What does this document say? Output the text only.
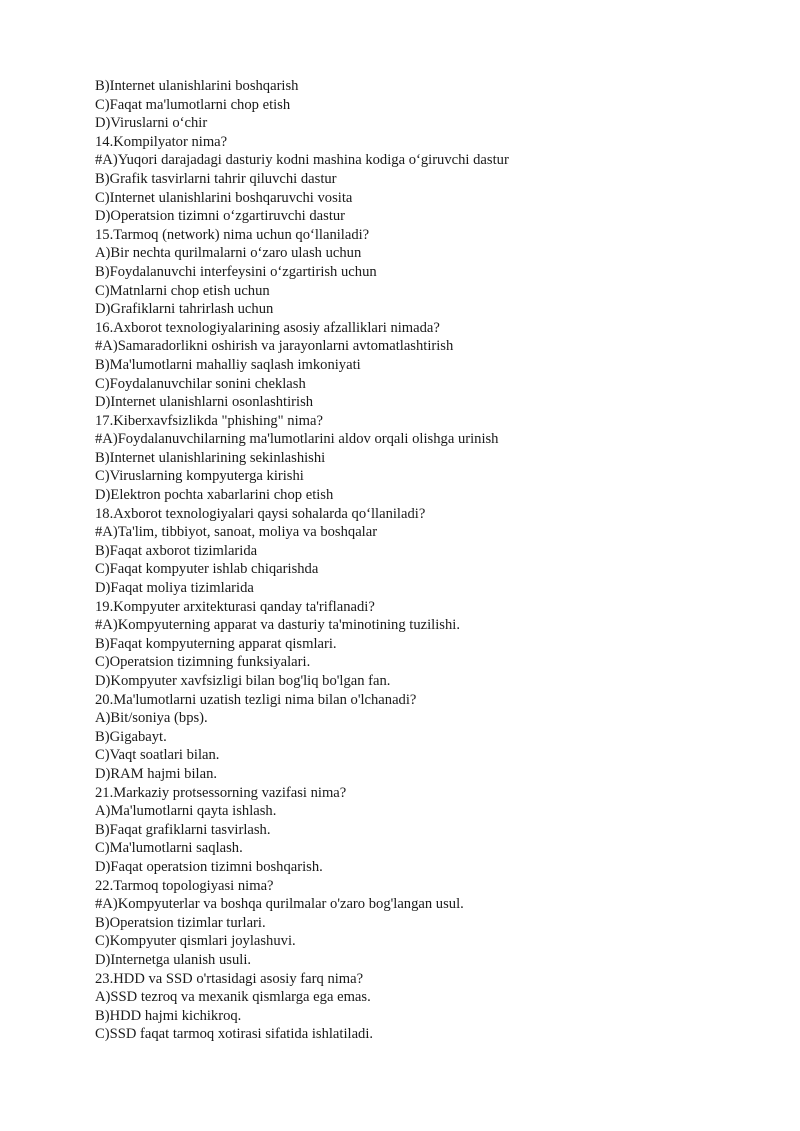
B)Internet ulanishlarini boshqarish
C)Faqat ma'lumotlarni chop etish
D)Viruslarni o‘chir
14.Kompilyator nima?
#A)Yuqori darajadagi dasturiy kodni mashina kodiga o‘giruvchi dastur
B)Grafik tasvirlarni tahrir qiluvchi dastur
C)Internet ulanishlarini boshqaruvchi vosita
D)Operatsion tizimni o‘zgartiruvchi dastur
15.Tarmoq (network) nima uchun qo‘llaniladi?
A)Bir nechta qurilmalarni o‘zaro ulash uchun
B)Foydalanuvchi interfeysini o‘zgartirish uchun
C)Matnlarni chop etish uchun
D)Grafiklarni tahrirlash uchun
16.Axborot texnologiyalarining asosiy afzalliklari nimada?
#A)Samaradorlikni oshirish va jarayonlarni avtomatlashtirish
B)Ma'lumotlarni mahalliy saqlash imkoniyati
C)Foydalanuvchilar sonini cheklash
D)Internet ulanishlarni osonlashtirish
17.Kiberxavfsizlikda "phishing" nima?
#A)Foydalanuvchilarning ma'lumotlarini aldov orqali olishga urinish
B)Internet ulanishlarining sekinlashishi
C)Viruslarning kompyuterga kirishi
D)Elektron pochta xabarlarini chop etish
18.Axborot texnologiyalari qaysi sohalarda qo‘llaniladi?
#A)Ta'lim, tibbiyot, sanoat, moliya va boshqalar
B)Faqat axborot tizimlarida
C)Faqat kompyuter ishlab chiqarishda
D)Faqat moliya tizimlarida
19.Kompyuter arxitekturasi qanday ta'riflanadi?
#A)Kompyuterning apparat va dasturiy ta'minotining tuzilishi.
B)Faqat kompyuterning apparat qismlari.
C)Operatsion tizimning funksiyalari.
D)Kompyuter xavfsizligi bilan bog'liq bo'lgan fan.
20.Ma'lumotlarni uzatish tezligi nima bilan o'lchanadi?
A)Bit/soniya (bps).
B)Gigabayt.
C)Vaqt soatlari bilan.
D)RAM hajmi bilan.
21.Markaziy protsessorning vazifasi nima?
A)Ma'lumotlarni qayta ishlash.
B)Faqat grafiklarni tasvirlash.
C)Ma'lumotlarni saqlash.
D)Faqat operatsion tizimni boshqarish.
22.Tarmoq topologiyasi nima?
#A)Kompyuterlar va boshqa qurilmalar o'zaro bog'langan usul.
B)Operatsion tizimlar turlari.
C)Kompyuter qismlari joylashuvi.
D)Internetga ulanish usuli.
23.HDD va SSD o'rtasidagi asosiy farq nima?
A)SSD tezroq va mexanik qismlarga ega emas.
B)HDD hajmi kichikroq.
C)SSD faqat tarmoq xotirasi sifatida ishlatiladi.
